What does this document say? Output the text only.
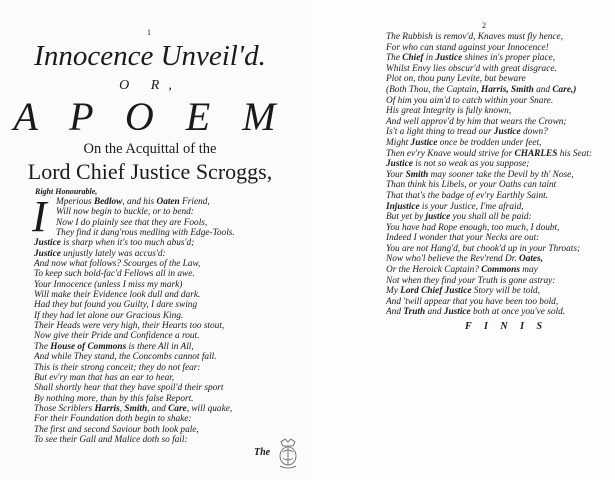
1
Innocence Unveil'd.
O R,
A P O E M
On the Acquittal of the
Lord Chief Justice Scroggs,
Right Honourable,
I	Mperious Bedlow, and his Oaten Friend,
Will now begin to buckle, or to bend:
Now I do plainly see that they are Fools,
They find it dang'rous medling with Edge-Tools.
Justice is sharp when it's too much abus'd;
Justice unjustly lately was accus'd:
And now what follows? Scourges of the Law,
To keep such bold-fac'd Fellows all in awe.
Your Innocence (unless I miss my mark)
Will make their Evidence look dull and dark.
Had they but found you Guilty, I dare swing
If they had let alone our Gracious King.
Their Heads were very high, their Hearts too stout,
Now give their Pride and Confidence a rout.
The House of Commons is there All in All,
And while They stand, the Concombs cannot fall.
This is their strong conceit; they do not fear:
But ev'ry man that has an ear to hear,
Shall shortly hear that they have spoil'd their sport
By nothing more, than by this false Report.
Those Scriblers Harris, Smith, and Care, will quake,
For their Foundation doth begin to shake:
The first and second Saviour both look pale,
To see their Gall and Malice doth so fail:
The
2
The Rubbish is remov'd, Knaves must fly hence,
For who can stand against your Innocence!
The Chief in Justice shines in's proper place,
Whilst Envy lies obscur'd with great disgrace.
Plot on, thou puny Levite, but beware
(Both Thou, the Captain, Harris, Smith and Care,)
Of him you aim'd to catch within your Snare.
His great Integrity is fully known,
And well approv'd by him that wears the Crown;
Is't a light thing to tread our Justice down?
Might Justice once be trodden under feet,
Then ev'ry Knave would strive for CHARLES his Seat:
Justice is not so weak as you suppose;
Your Smith may sooner take the Devil by th' Nose,
Than think his Libels, or your Oaths can taint
That that's the badge of ev'ry Earthly Saint.
Injustice is your Justice, I'me afraid,
But yet by justice you shall all be paid:
You have had Rope enough, too much, I doubt,
Indeed I wonder that your Necks are out:
You are not Hang'd, but chook'd up in your Throats;
Now who'l believe the Rev'rend Dr. Oates,
Or the Heroick Captain? Commons may
Not when they find your Truth is gone astray:
My Lord Chief Justice Story will be told,
And 'twill appear that you have been too bold,
And Truth and Justice both at once you've sold.
F I N I S
